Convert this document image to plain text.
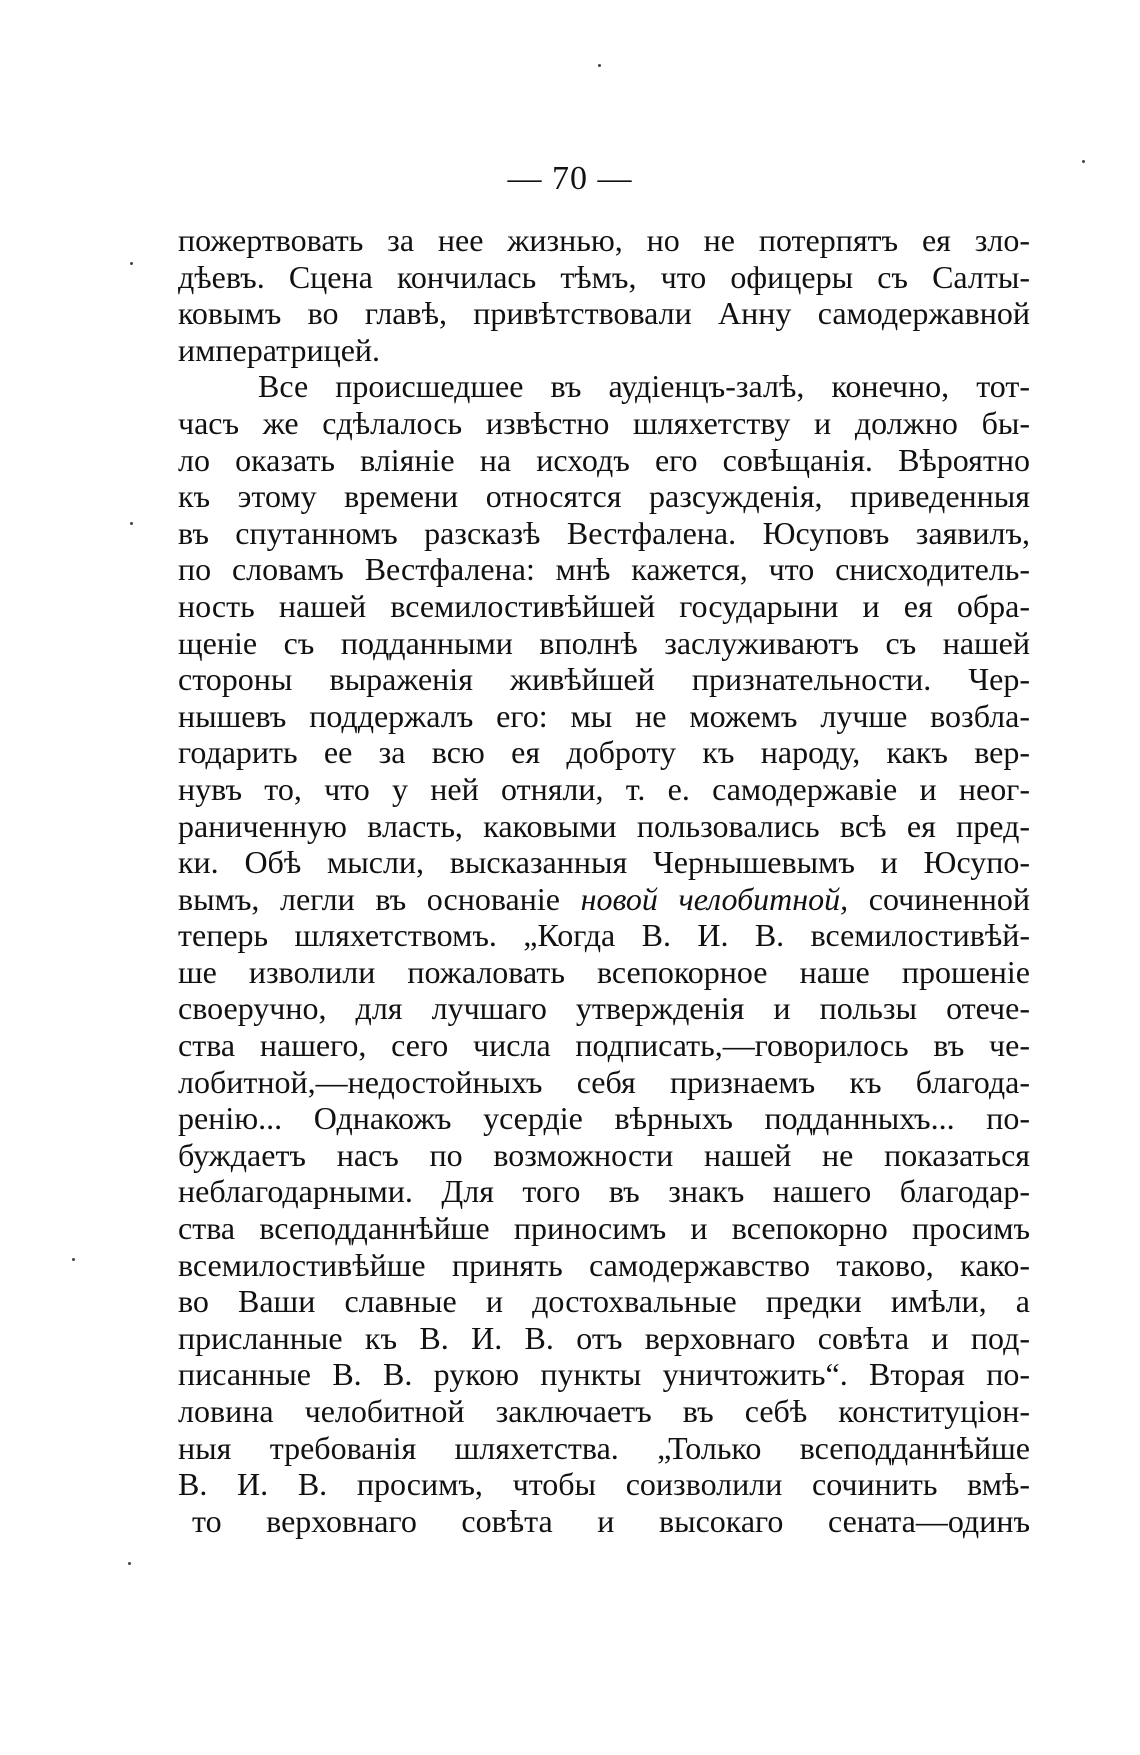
— 70 —
пожертвовать за нее жизнью, но не потерпятъ ея зло-
дѣевъ. Сцена кончилась тѣмъ, что офицеры съ Салты-
ковымъ во главѣ, привѣтствовали Анну самодержавной
императрицей.
Все происшедшее въ аудіенцъ-залѣ, конечно, тот-
часъ же сдѣлалось извѣстно шляхетству и должно бы-
ло оказать вліяніе на исходъ его совѣщанія. Вѣроятно
къ этому времени относятся разсужденія, приведенныя
въ спутанномъ разсказѣ Вестфалена. Юсуповъ заявилъ,
по словамъ Вестфалена: мнѣ кажется, что снисходитель-
ность нашей всемилостивѣйшей государыни и ея обра-
щеніе съ подданными вполнѣ заслуживаютъ съ нашей
стороны выраженія живѣйшей признательности. Чер-
нышевъ поддержалъ его: мы не можемъ лучше возбла-
годарить ее за всю ея доброту къ народу, какъ вер-
нувъ то, что у ней отняли, т. е. самодержавіе и неог-
раниченную власть, каковыми пользовались всѣ ея пред-
ки. Обѣ мысли, высказанныя Чернышевымъ и Юсупо-
вымъ, легли въ основаніе новой челобитной, сочиненной
теперь шляхетствомъ. „Когда В. И. В. всемилостивѣй-
ше изволили пожаловать всепокорное наше прошеніе
своеручно, для лучшаго утвержденія и пользы отече-
ства нашего, сего числа подписать,—говорилось въ че-
лобитной,—недостойныхъ себя признаемъ къ благода-
ренію... Однакожъ усердіе вѣрныхъ подданныхъ... по-
буждаетъ насъ по возможности нашей не показаться
неблагодарными. Для того въ знакъ нашего благодар-
ства всеподданнѣйше приносимъ и всепокорно просимъ
всемилостивѣйше принять самодержавство таково, како-
во Ваши славные и достохвальные предки имѣли, а
присланные къ В. И. В. отъ верховнаго совѣта и под-
писанные В. В. рукою пункты уничтожить“. Вторая по-
ловина челобитной заключаетъ въ себѣ конституціон-
ныя требованія шляхетства. „Только всеподданнѣйше
В. И. В. просимъ, чтобы соизволили сочинить вмѣ-
то верховнаго совѣта и высокаго сената—одинъ
